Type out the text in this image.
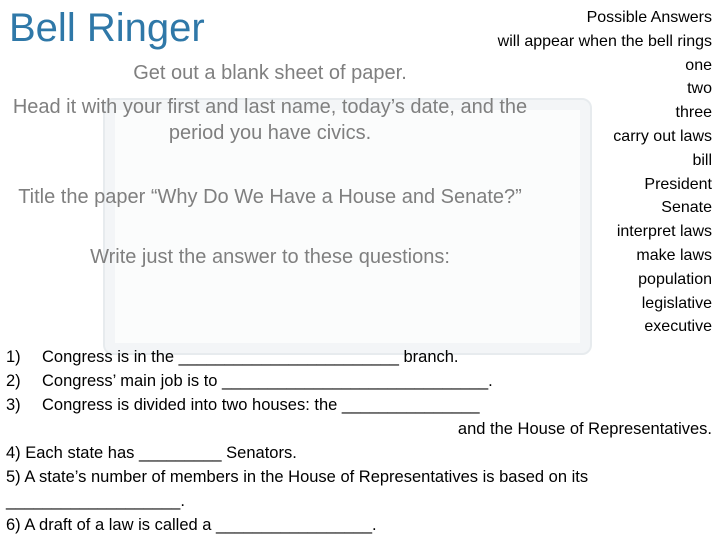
Bell Ringer
Get out a blank sheet of paper.
Head it with your first and last name, today’s date, and the period you have civics.
Title the paper “Why Do We Have a House and Senate?”
Write just the answer to these questions:
Possible Answers
will appear when the bell rings
one
two
three
carry out laws
bill
President
Senate
interpret laws
make laws
population
legislative
executive
1) Congress is in the ________________________ branch.
2) Congress’ main job is to _____________________________.
3) Congress is divided into two houses: the _______________
and the House of Representatives.
4) Each state has _________ Senators.
5) A state’s number of members in the House of Representatives is based on its
___________________.
6) A draft of a law is called a _________________.
